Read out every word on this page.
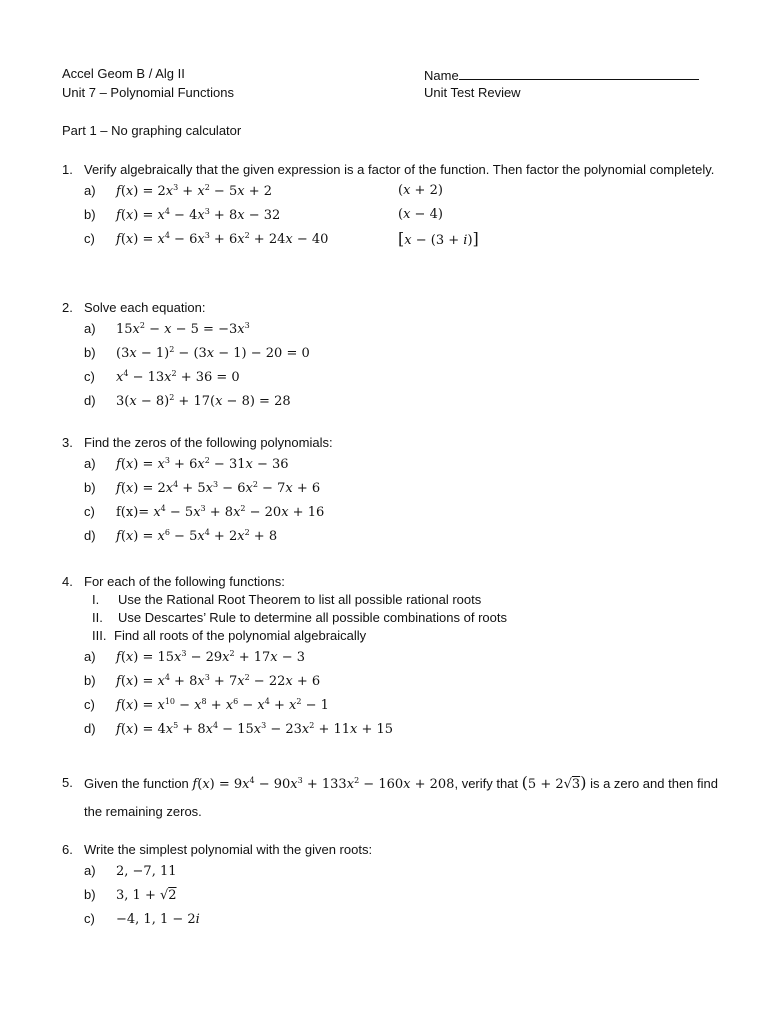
Accel Geom B / Alg II
Unit 7 – Polynomial Functions
Name
Unit Test Review
Part 1 – No graphing calculator
1. Verify algebraically that the given expression is a factor of the function. Then factor the polynomial completely.
a)	$f(x) = 2x^3 + x^2 - 5x + 2$	(x + 2)
b)	$f(x) = x^4 - 4x^3 + 8x - 32$	(x − 4)
c)	$f(x) = x^4 - 6x^3 + 6x^2 + 24x - 40$	[x − (3 + i)]
2. Solve each equation:
a)	$15x^2 - x - 5 = -3x^3$
b)	$(3x - 1)^2 - (3x - 1) - 20 = 0$
c)	$x^4 - 13x^2 + 36 = 0$
d)	$3(x - 8)^2 + 17(x - 8) = 28$
3. Find the zeros of the following polynomials:
a)	$f(x) = x^3 + 6x^2 - 31x - 36$
b)	$f(x) = 2x^4 + 5x^3 - 6x^2 - 7x + 6$
c)	$f(x)= x^4 - 5x^3 + 8x^2 - 20x + 16$
d)	$f(x) = x^6 - 5x^4 + 2x^2 + 8$
4. For each of the following functions:
I.	Use the Rational Root Theorem to list all possible rational roots
II.	Use Descartes’ Rule to determine all possible combinations of roots
III. Find all roots of the polynomial algebraically
a)	$f(x) = 15x^3 - 29x^2 + 17x - 3$
b)	$f(x) = x^4 + 8x^3 + 7x^2 - 22x + 6$
c)	$f(x) = x^{10} - x^8 + x^6 - x^4 + x^2 - 1$
d)	$f(x) = 4x^5 + 8x^4 - 15x^3 - 23x^2 + 11x + 15$
5. Given the function $f(x) = 9x^4 - 90x^3 + 133x^2 - 160x + 208$, verify that (5 + 2√3) is a zero and then find
the remaining zeros.
6. Write the simplest polynomial with the given roots:
a)	2, −7, 11
b)	3, 1 + √2
c)	−4, 1, 1 − 2i
